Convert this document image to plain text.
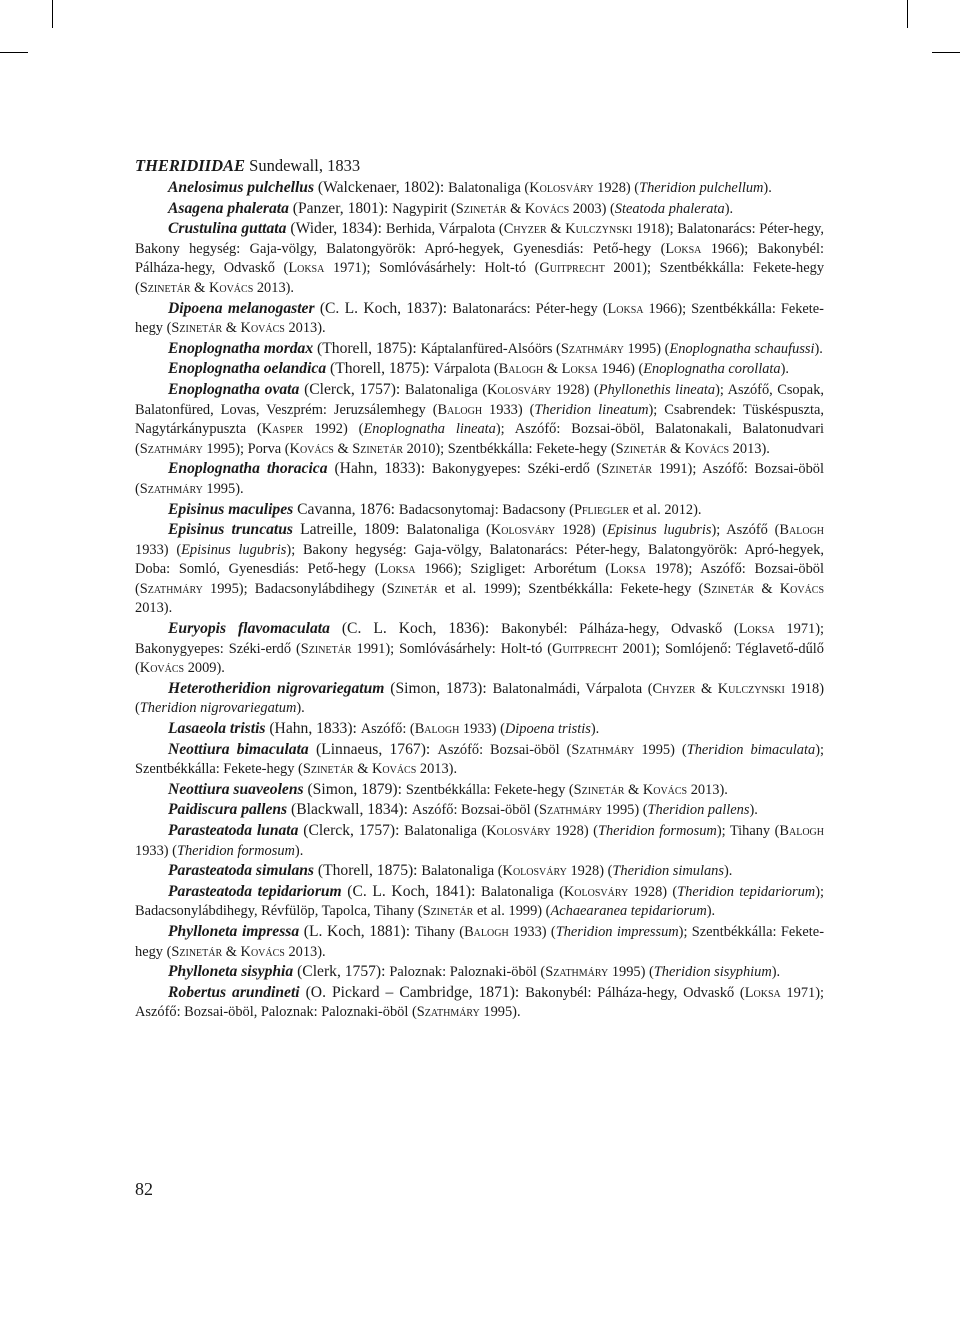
THERIDIIDAE Sundewall, 1833

Anelosimus pulchellus (Walckenaer, 1802): Balatonaliga (Kolosváry 1928) (Theridion pulchellum).

Asagena phalerata (Panzer, 1801): Nagypirit (Szinetár & Kovács 2003) (Steatoda phalerata).

Crustulina guttata (Wider, 1834): Berhida, Várpalota (Chyzer & Kulczynski 1918); Balatonarács: Péter-hegy, Bakony hegység: Gaja-völgy, Balatongyörök: Apró-hegyek, Gyenesdiás: Pető-hegy (Loksa 1966); Bakonybél: Pálháza-hegy, Odvaskő (Loksa 1971); Somlóvásárhely: Holt-tó (Guitprecht 2001); Szentbékkálla: Fekete-hegy (Szinetár & Kovács 2013).

Dipoena melanogaster (C. L. Koch, 1837): Balatonarács: Péter-hegy (Loksa 1966); Szentbékkálla: Fekete-hegy (Szinetár & Kovács 2013).

Enoplognatha mordax (Thorell, 1875): Káptalanfüred-Alsóörs (Szathmáry 1995) (Enoplognatha schaufussi).

Enoplognatha oelandica (Thorell, 1875): Várpalota (Balogh & Loksa 1946) (Enoplognatha corollata).

Enoplognatha ovata (Clerck, 1757): Balatonaliga (Kolosváry 1928) (Phyllonethis lineata); Aszófő, Csopak, Balatonfüred, Lovas, Veszprém: Jeruzsálemhegy (Balogh 1933) (Theridion lineatum); Csabrendek: Tüskéspuszta, Nagytárkánypuszta (Kasper 1992) (Enoplognatha lineata); Aszófő: Bozsai-öböl, Balatonakali, Balatonudvari (Szathmáry 1995); Porva (Kovács & Szinetár 2010); Szentbékkálla: Fekete-hegy (Szinetár & Kovács 2013).

Enoplognatha thoracica (Hahn, 1833): Bakonygyepes: Széki-erdő (Szinetár 1991); Aszófő: Bozsai-öböl (Szathmáry 1995).

Episinus maculipes Cavanna, 1876: Badacsonytomaj: Badacsony (Pfliegler et al. 2012).

Episinus truncatus Latreille, 1809: Balatonaliga (Kolosváry 1928) (Episinus lugubris); Aszófő (Balogh 1933) (Episinus lugubris); Bakony hegység: Gaja-völgy, Balatonarács: Péter-hegy, Balatongyörök: Apró-hegyek, Doba: Somló, Gyenesdiás: Pető-hegy (Loksa 1966); Szigliget: Arborétum (Loksa 1978); Aszófő: Bozsai-öböl (Szathmáry 1995); Badacsonylábdihegy (Szinetár et al. 1999); Szentbékkálla: Fekete-hegy (Szinetár & Kovács 2013).

Euryopis flavomaculata (C. L. Koch, 1836): Bakonybél: Pálháza-hegy, Odvaskő (Loksa 1971); Bakonygyepes: Széki-erdő (Szinetár 1991); Somlóvásárhely: Holt-tó (Guitprecht 2001); Somlójenő: Téglavető-dűlő (Kovács 2009).

Heterotheridion nigrovariegatum (Simon, 1873): Balatonalmádi, Várpalota (Chyzer & Kulczynski 1918) (Theridion nigrovariegatum).

Lasaeola tristis (Hahn, 1833): Aszófő: (Balogh 1933) (Dipoena tristis).

Neottiura bimaculata (Linnaeus, 1767): Aszófő: Bozsai-öböl (Szathmáry 1995) (Theridion bimaculata); Szentbékkálla: Fekete-hegy (Szinetár & Kovács 2013).

Neottiura suaveolens (Simon, 1879): Szentbékkálla: Fekete-hegy (Szinetár & Kovács 2013).

Paidiscura pallens (Blackwall, 1834): Aszófő: Bozsai-öböl (Szathmáry 1995) (Theridion pallens).

Parasteatoda lunata (Clerck, 1757): Balatonaliga (Kolosváry 1928) (Theridion formosum); Tihany (Balogh 1933) (Theridion formosum).

Parasteatoda simulans (Thorell, 1875): Balatonaliga (Kolosváry 1928) (Theridion simulans).

Parasteatoda tepidariorum (C. L. Koch, 1841): Balatonaliga (Kolosváry 1928) (Theridion tepidariorum); Badacsonylábdihegy, Révfülöp, Tapolca, Tihany (Szinetár et al. 1999) (Achaearanea tepidariorum).

Phylloneta impressa (L. Koch, 1881): Tihany (Balogh 1933) (Theridion impressum); Szentbékkálla: Fekete-hegy (Szinetár & Kovács 2013).

Phylloneta sisyphia (Clerk, 1757): Paloznak: Paloznaki-öböl (Szathmáry 1995) (Theridion sisyphium).

Robertus arundineti (O. Pickard – Cambridge, 1871): Bakonybél: Pálháza-hegy, Odvaskő (Loksa 1971); Aszófő: Bozsai-öböl, Paloznak: Paloznaki-öböl (Szathmáry 1995).

82
